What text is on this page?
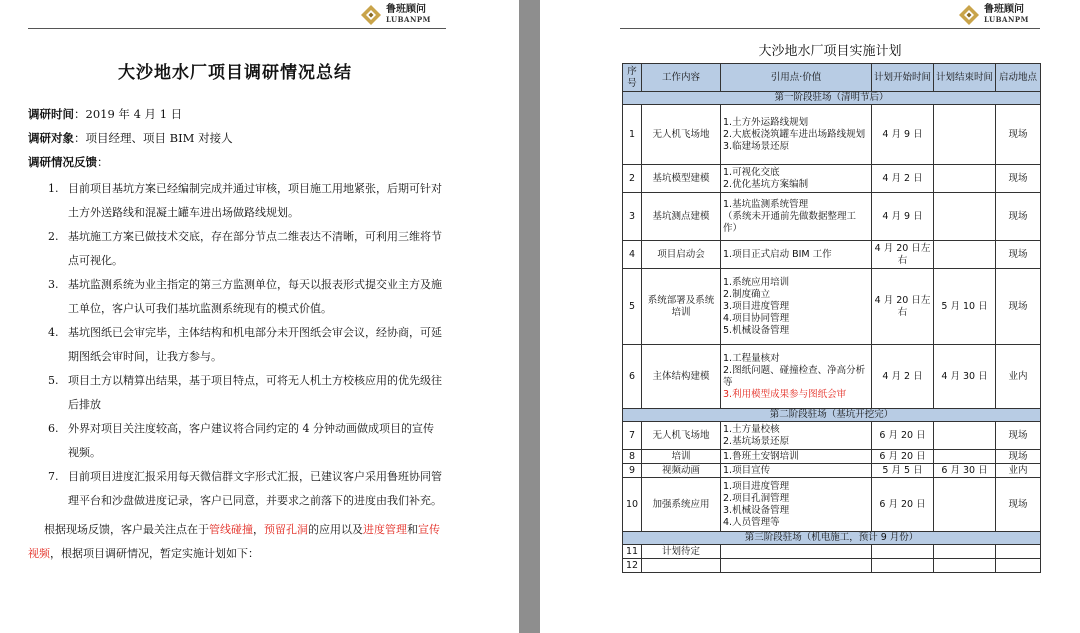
鲁班顾问
LUBANPM
大沙地水厂项目调研情况总结
调研时间：2019 年 4 月 1 日
调研对象：项目经理、项目 BIM 对接人
调研情况反馈：
1. 目前项目基坑方案已经编制完成并通过审核，项目施工用地紧张，后期可针对土方外送路线和混凝土罐车进出场做路线规划。
2. 基坑施工方案已做技术交底，存在部分节点二维表达不清晰，可利用三维将节点可视化。
3. 基坑监测系统为业主指定的第三方监测单位，每天以报表形式提交业主方及施工单位，客户认可我们基坑监测系统现有的模式价值。
4. 基坑图纸已会审完毕，主体结构和机电部分未开图纸会审会议，经协商，可延期图纸会审时间，让我方参与。
5. 项目土方以精算出结果，基于项目特点，可将无人机土方校核应用的优先级往后排放
6. 外界对项目关注度较高，客户建议将合同约定的 4 分钟动画做成项目的宣传视频。
7. 目前项目进度汇报采用每天微信群文字形式汇报，已建议客户采用鲁班协同管理平台和沙盘做进度记录，客户已同意，并要求之前落下的进度由我们补充。
根据现场反馈，客户最关注点在于管线碰撞，预留孔洞的应用以及进度管理和宣传视频，根据项目调研情况，暂定实施计划如下：
鲁班顾问
LUBANPM
大沙地水厂项目实施计划
序号	工作内容	引用点·价值	计划开始时间	计划结束时间	启动地点
第一阶段驻场（清明节后）					
1	无人机飞场地	1.土方外运路线规划
2.大底板浇筑罐车进出场路线规划
3.临建场景还原	4 月 9 日		现场
2	基坑模型建模	1.可视化交底
2.优化基坑方案编制	4 月 2 日		现场
3	基坑测点建模	1.基坑监测系统管理
（系统未开通前先做数据整理工作）	4 月 9 日		现场
4	项目启动会	1.项目正式启动 BIM 工作	4 月 20 日左右		现场
5	系统部署及系统培训	1.系统应用培训
2.制度确立
3.项目进度管理
4.项目协同管理
5.机械设备管理	4 月 20 日左右	5 月 10 日	现场
6	主体结构建模	1.工程量核对
2.图纸问题、碰撞检查、净高分析等
3.利用模型成果参与图纸会审	4 月 2 日	4 月 30 日	业内
第二阶段驻场（基坑开挖完）					
7	无人机飞场地	1.土方量校核
2.基坑场景还原	6 月 20 日		现场
8	培训	1.鲁班土安钢培训	6 月 20 日		现场
9	视频动画	1.项目宣传	5 月 5 日	6 月 30 日	业内
10	加强系统应用	1.项目进度管理
2.项目孔洞管理
3.机械设备管理
4.人员管理等	6 月 20 日		现场
第三阶段驻场（机电施工，预计 9 月份）					
11	计划待定				
12					
